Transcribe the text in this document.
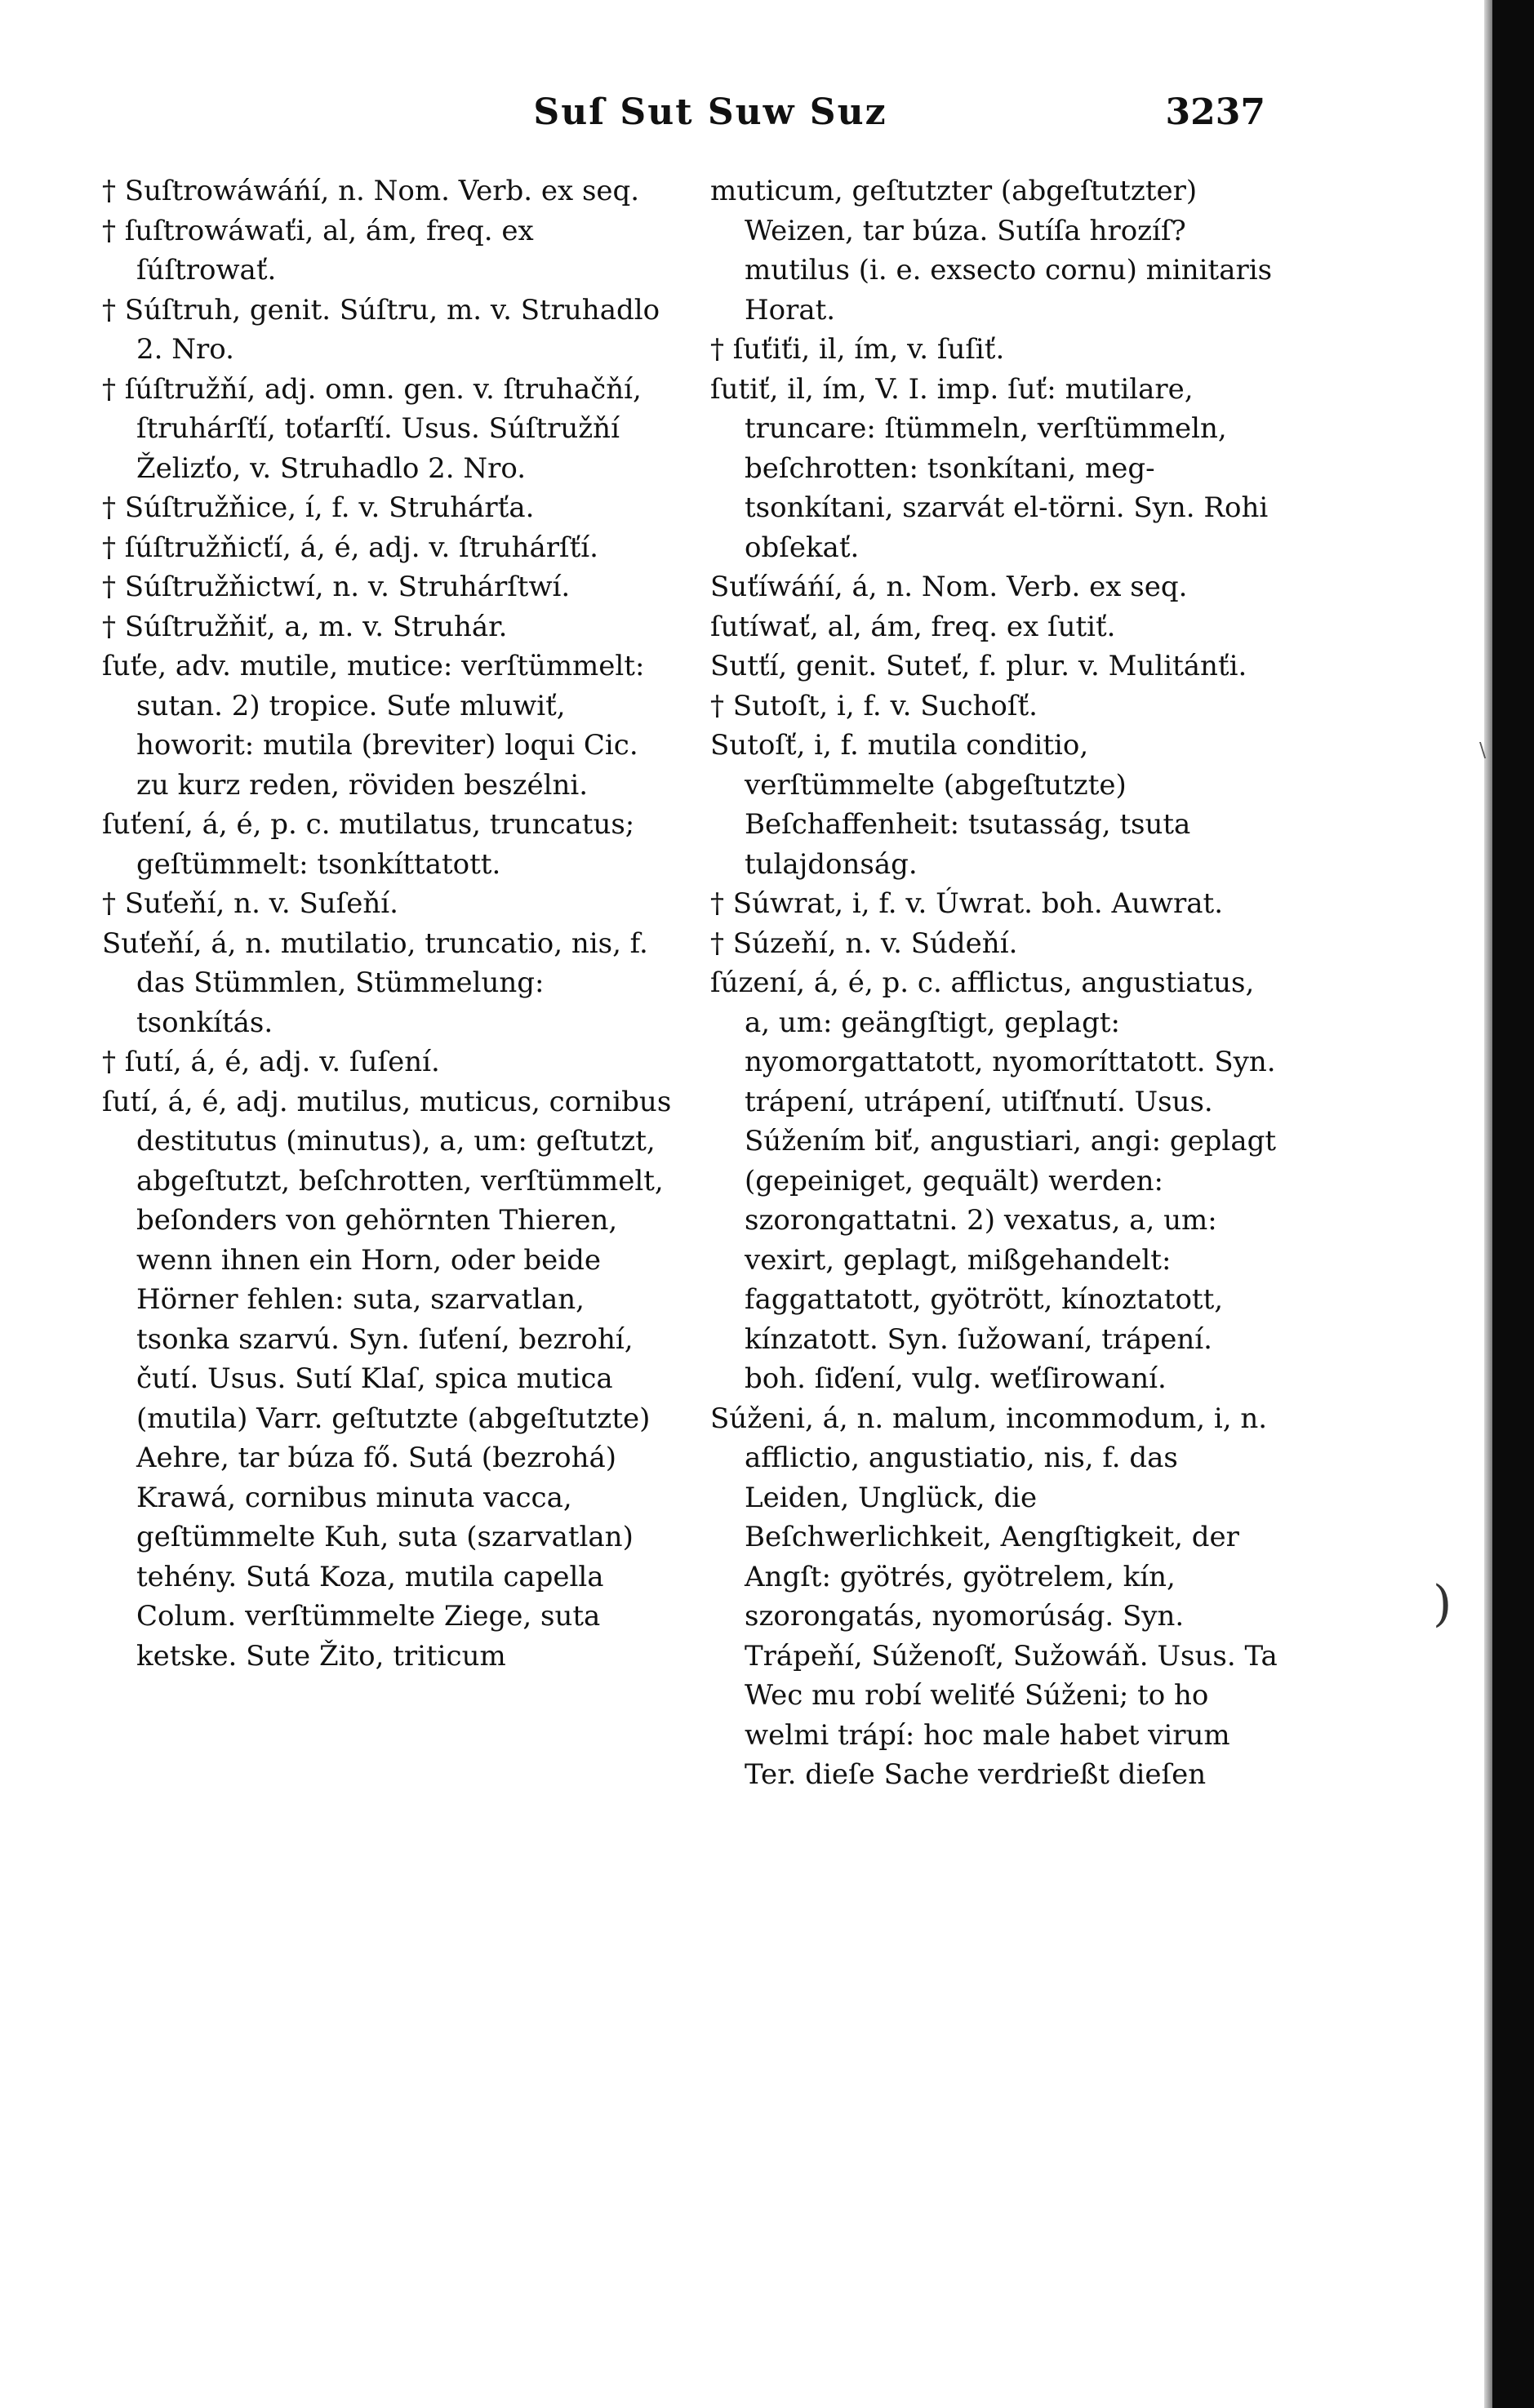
Suſ Sut Suw Suz	3237

† Suſtrowáwáńí, n. Nom. Verb. ex seq.

† ſuſtrowáwaťi, al, ám, freq. ex ſúſtrowať.

† Súſtruh, genit. Súſtru, m. v. Struhadlo 2. Nro.

† ſúſtružňí, adj. omn. gen. v. ſtruhačňí, ſtruhárſťí, toťarſťí. Usus. Súſtružňí Želizťo, v. Struhadlo 2. Nro.

† Súſtružňice, í, f. v. Struhárťa.

† ſúſtružňicťí, á, é, adj. v. ſtruhárſťí.

† Súſtružňictwí, n. v. Struhárſtwí.

† Súſtružňiť, a, m. v. Struhár.

ſuťe, adv. mutile, mutice: verſtümmelt: sutan. 2) tropice. Suťe mluwiť, howorit: mutila (breviter) loqui Cic. zu kurz reden, röviden beszélni.

ſuťení, á, é, p. c. mutilatus, truncatus; geſtümmelt: tsonkíttatott.

† Suťeňí, n. v. Suſeňí.

Suťeňí, á, n. mutilatio, truncatio, nis, f. das Stümmlen, Stümmelung: tsonkítás.

† ſutí, á, é, adj. v. ſuſení.

ſutí, á, é, adj. mutilus, muticus, cornibus destitutus (minutus), a, um: geſtutzt, abgeſtutzt, beſchrotten, verſtümmelt, beſonders von gehörnten Thieren, wenn ihnen ein Horn, oder beide Hörner fehlen: suta, szarvatlan, tsonka szarvú. Syn. ſuťení, bezrohí, čutí. Usus. Sutí Klaſ, spica mutica (mutila) Varr. geſtutzte (abgeſtutzte) Aehre, tar búza fő. Sutá (bezrohá) Krawá, cornibus minuta vacca, geſtümmelte Kuh, suta (szarvatlan) tehény. Sutá Koza, mutila capella Colum. verſtümmelte Ziege, suta ketske. Sute Žito, triticum

muticum, geſtutzter (abgeſtutzter) Weizen, tar búza. Sutíſa hrozíſ? mutilus (i. e. exsecto cornu) minitaris Horat.

† ſuťiťi, il, ím, v. ſuſiť.

ſutiť, il, ím, V. I. imp. ſuť: mutilare, truncare: ſtümmeln, verſtümmeln, beſchrotten: tsonkítani, meg-tsonkítani, szarvát el-törni. Syn. Rohi obſekať.

Suťíwáńí, á, n. Nom. Verb. ex seq.

ſutíwať, al, ám, freq. ex ſutiť.

Sutťí, genit. Suteť, f. plur. v. Mulitánťi.

† Sutoſt, i, f. v. Suchoſť.

Sutoſť, i, f. mutila conditio, verſtümmelte (abgeſtutzte) Beſchaffenheit: tsutasság, tsuta tulajdonság.

† Súwrat, i, f. v. Úwrat. boh. Auwrat.

† Súzeňí, n. v. Súdeňí.

ſúzení, á, é, p. c. afflictus, angustiatus, a, um: geängſtigt, geplagt: nyomorgattatott, nyomoríttatott. Syn. trápení, utrápení, utiſťnutí. Usus. Súžením biť, angustiari, angi: geplagt (gepeiniget, gequält) werden: szorongattatni. 2) vexatus, a, um: vexirt, geplagt, mißgehandelt: faggattatott, gyötrött, kínoztatott, kínzatott. Syn. ſužowaní, trápení. boh. ſiďení, vulg. weťſirowaní.

Súženi, á, n. malum, incommodum, i, n. afflictio, angustiatio, nis, f. das Leiden, Unglück, die Beſchwerlichkeit, Aengſtigkeit, der Angſt: gyötrés, gyötrelem, kín, szorongatás, nyomorúság. Syn. Trápeňí, Súženoſť, Sužowáň. Usus. Ta Wec mu robí weliťé Súženi; to ho welmi trápí: hoc male habet virum Ter. dieſe Sache verdrießt dieſen

)
\
